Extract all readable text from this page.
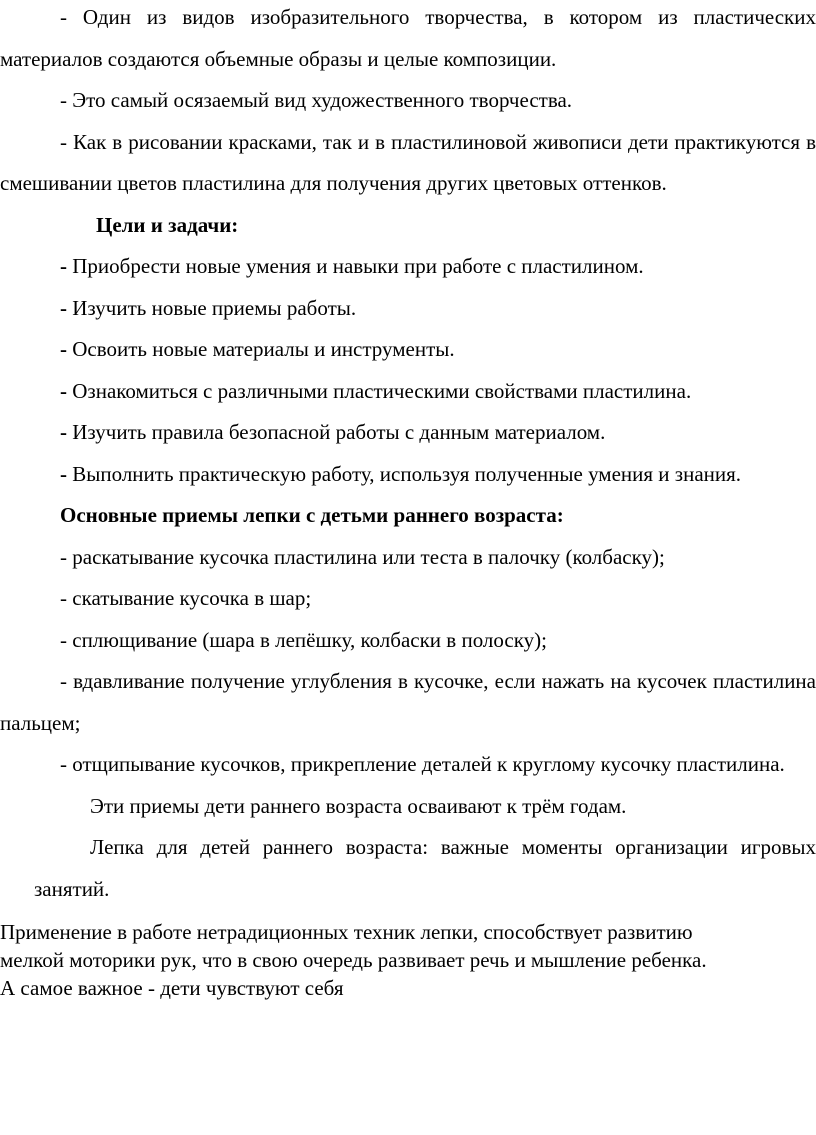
- Один из видов изобразительного творчества, в котором из пластических материалов создаются объемные образы и целые композиции.

- Это самый осязаемый вид художественного творчества.

- Как в рисовании красками, так и в пластилиновой живописи дети практикуются в смешивании цветов пластилина для получения других цветовых оттенков.

Цели и задачи:

- Приобрести новые умения и навыки при работе с пластилином.

- Изучить новые приемы работы.

- Освоить новые материалы и инструменты.

- Ознакомиться с различными пластическими свойствами пластилина.

- Изучить правила безопасной работы с данным материалом.

- Выполнить практическую работу, используя полученные умения и знания.

Основные приемы лепки с детьми раннего возраста:

- раскатывание кусочка пластилина или теста в палочку (колбаску);

- скатывание кусочка в шар;

- сплющивание (шара в лепёшку, колбаски в полоску);

- вдавливание получение углубления в кусочке, если нажать на кусочек пластилина пальцем;

- отщипывание кусочков, прикрепление деталей к круглому кусочку пластилина.

Эти приемы дети раннего возраста осваивают к трём годам.

Лепка для детей раннего возраста: важные моменты организации игровых занятий.

Применение в работе нетрадиционных техник лепки, способствует развитию

мелкой моторики рук, что в свою очередь развивает речь и мышление ребенка.

А самое важное - дети чувствуют себя
